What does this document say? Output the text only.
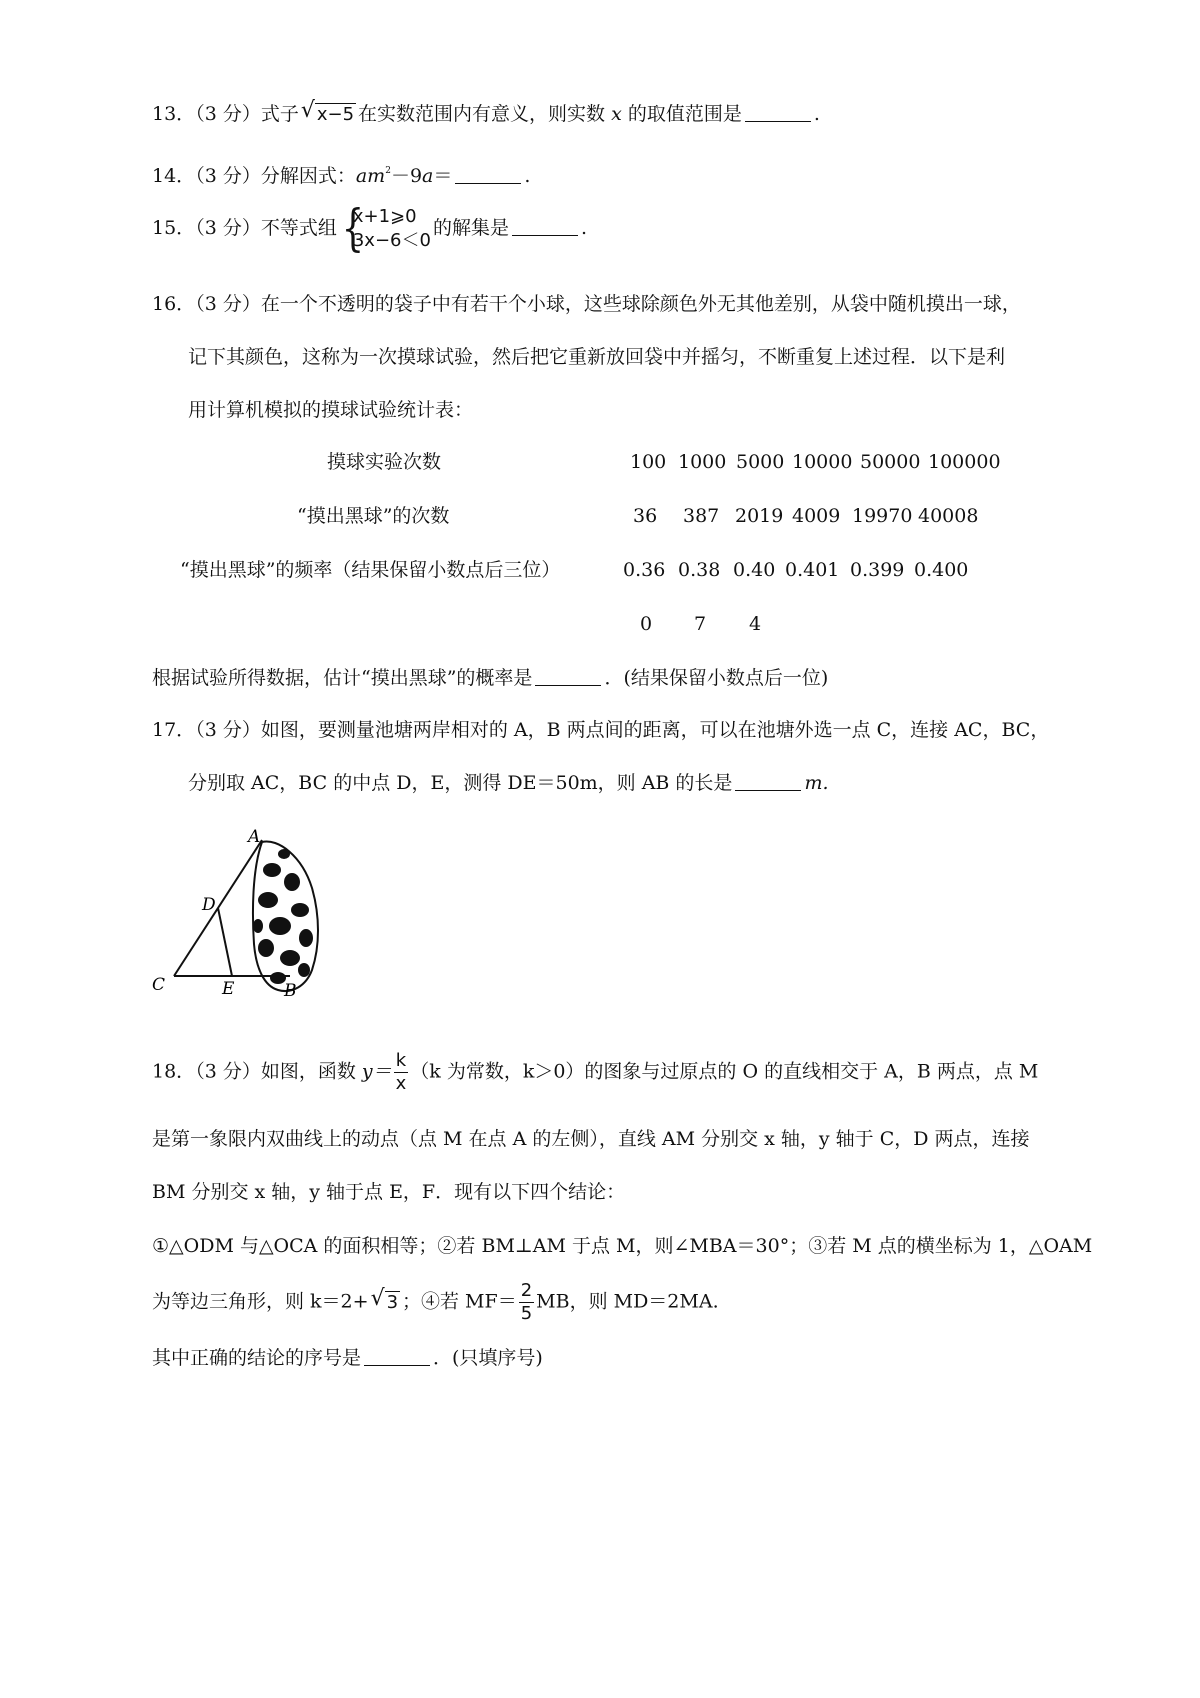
13．（3 分）式子 √ x−5 在实数范围内有意义，则实数 x 的取值范围是	.
14．（3 分）分解因式：$am^2-9a=$	.
15．（3 分）不等式组 {
x+1⩾0
3x−6＜0
的解集是	.
16．（3 分）在一个不透明的袋子中有若干个小球，这些球除颜色外无其他差别，从袋中随机摸出一球，
记下其颜色，这称为一次摸球试验，然后把它重新放回袋中并摇匀，不断重复上述过程．以下是利
用计算机模拟的摸球试验统计表：
摸球实验次数	100 1000 5000 10000 50000 100000
“摸出黑球”的次数	36 387 2019 4009 19970 40008
“摸出黑球”的频率（结果保留小数点后三位）	0.36 0.38 0.40 0.401 0.399 0.400
0 7 4
根据试验所得数据，估计“摸出黑球”的概率是	．(结果保留小数点后一位)
17．（3 分）如图，要测量池塘两岸相对的 A，B 两点间的距离，可以在池塘外选一点 C，连接 AC，BC，
分别取 AC，BC 的中点 D，E，测得 DE＝50m，则 AB 的长是	m.
A
D
C	E	B
18．（3 分）如图，函数 $y= \frac{k}{x} (k$ 为常数，k＞0）的图象与过原点的 O 的直线相交于 A，B 两点，点 M
是第一象限内双曲线上的动点（点 M 在点 A 的左侧），直线 AM 分别交 x 轴，y 轴于 C，D 两点，连接
BM 分别交 x 轴，y 轴于点 E，F．现有以下四个结论：
①△ODM 与△OCA 的面积相等；②若 BM⊥AM 于点 M，则∠MBA＝30°；③若 M 点的横坐标为 1，△OAM
为等边三角形，则 k＝2+ √ 3 ；④若 $MF= \frac{2}{5}$ MB，则 MD＝2MA.
其中正确的结论的序号是	．(只填序号)
